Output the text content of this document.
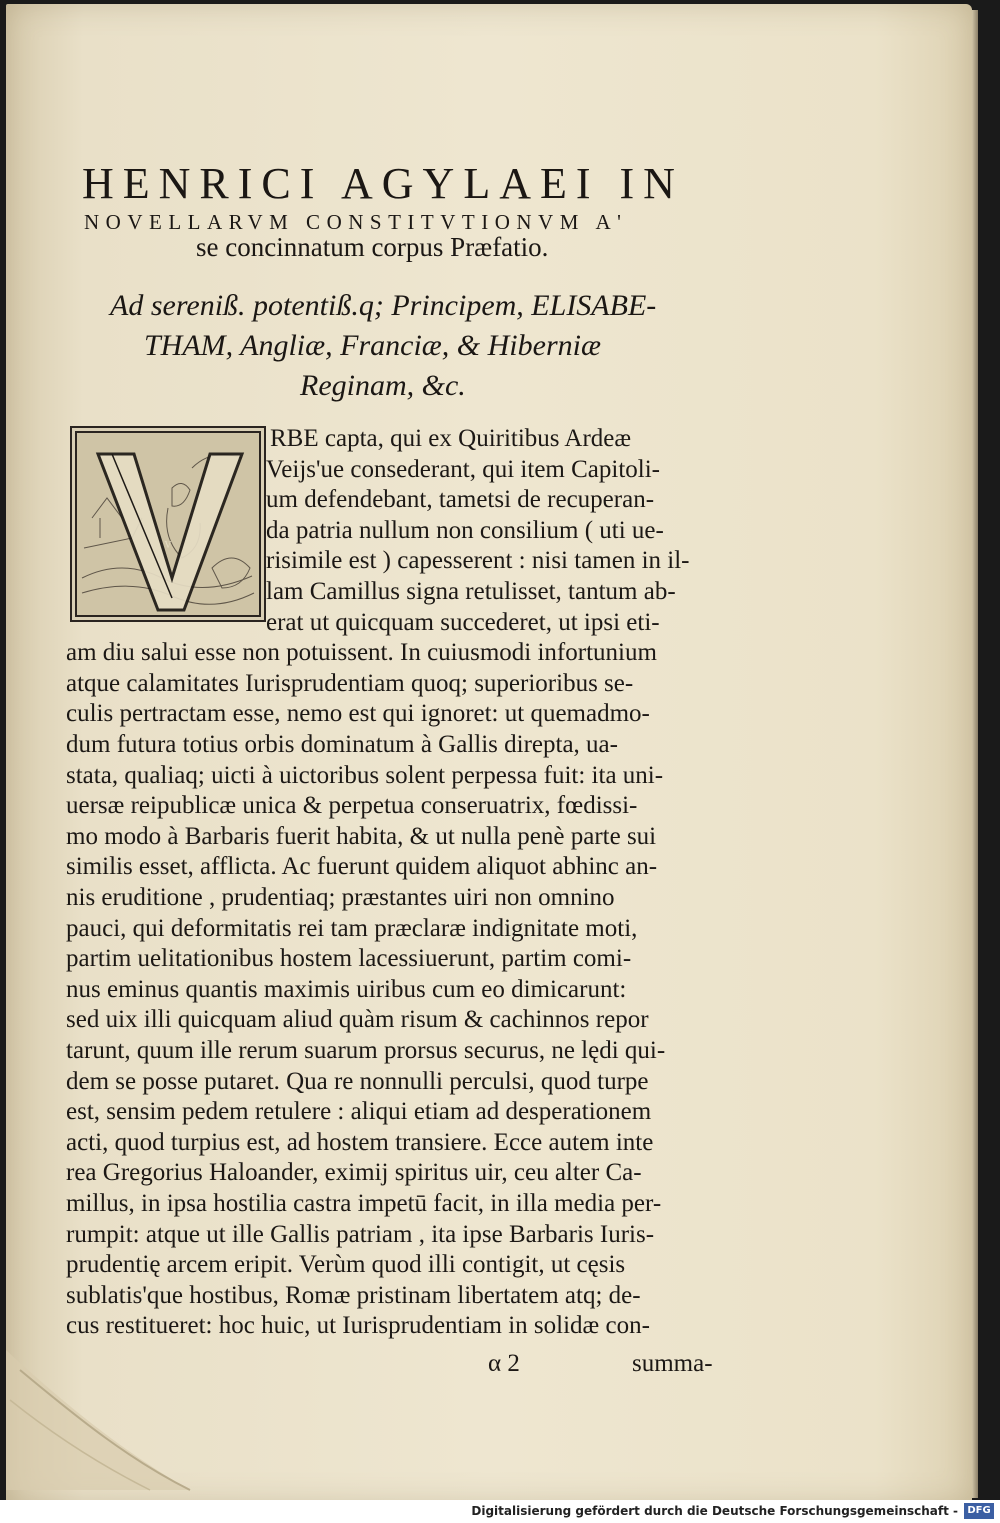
HENRICI AGYLAEI IN
NOVELLARVM CONSTITVTIONVM A'
se concinnatum corpus Præfatio.
Ad sereniß. potentiß.q; Principem, ELISABE-
THAM, Angliæ, Franciæ, & Hiberniæ
Reginam, &c.
V
RBE capta, qui ex Quiritibus Ardeæ
Veijs'ue consederant, qui item Capitoli-
um defendebant, tametsi de recuperan-
da patria nullum non consilium ( uti ue-
risimile est ) capesserent : nisi tamen in il-
lam Camillus signa retulisset, tantum ab-
erat ut quicquam succederet, ut ipsi eti-
am diu salui esse non potuissent. In cuiusmodi infortunium
atque calamitates Iurisprudentiam quoq; superioribus se-
culis pertractam esse, nemo est qui ignoret: ut quemadmo-
dum futura totius orbis dominatum à Gallis direpta, ua-
stata, qualiaq; uicti à uictoribus solent perpessa fuit: ita uni-
uersæ reipublicæ unica & perpetua conseruatrix, fœdissi-
mo modo à Barbaris fuerit habita, & ut nulla penè parte sui
similis esset, afflicta. Ac fuerunt quidem aliquot abhinc an-
nis eruditione , prudentiaq; præstantes uiri non omnino
pauci, qui deformitatis rei tam præclaræ indignitate moti,
partim uelitationibus hostem lacessiuerunt, partim comi-
nus eminus quantis maximis uiribus cum eo dimicarunt:
sed uix illi quicquam aliud quàm risum & cachinnos repor
tarunt, quum ille rerum suarum prorsus securus, ne lędi qui-
dem se posse putaret. Qua re nonnulli perculsi, quod turpe
est, sensim pedem retulere : aliqui etiam ad desperationem
acti, quod turpius est, ad hostem transiere. Ecce autem inte
rea Gregorius Haloander, eximij spiritus uir, ceu alter Ca-
millus, in ipsa hostilia castra impetū facit, in illa media per-
rumpit: atque ut ille Gallis patriam , ita ipse Barbaris Iuris-
prudentię arcem eripit. Verùm quod illi contigit, ut cęsis
sublatis'que hostibus, Romæ pristinam libertatem atq; de-
cus restitueret: hoc huic, ut Iurisprudentiam in solidæ con-
α 2	summa-
Digitalisierung gefördert durch die Deutsche Forschungsgemeinschaft - DFG
